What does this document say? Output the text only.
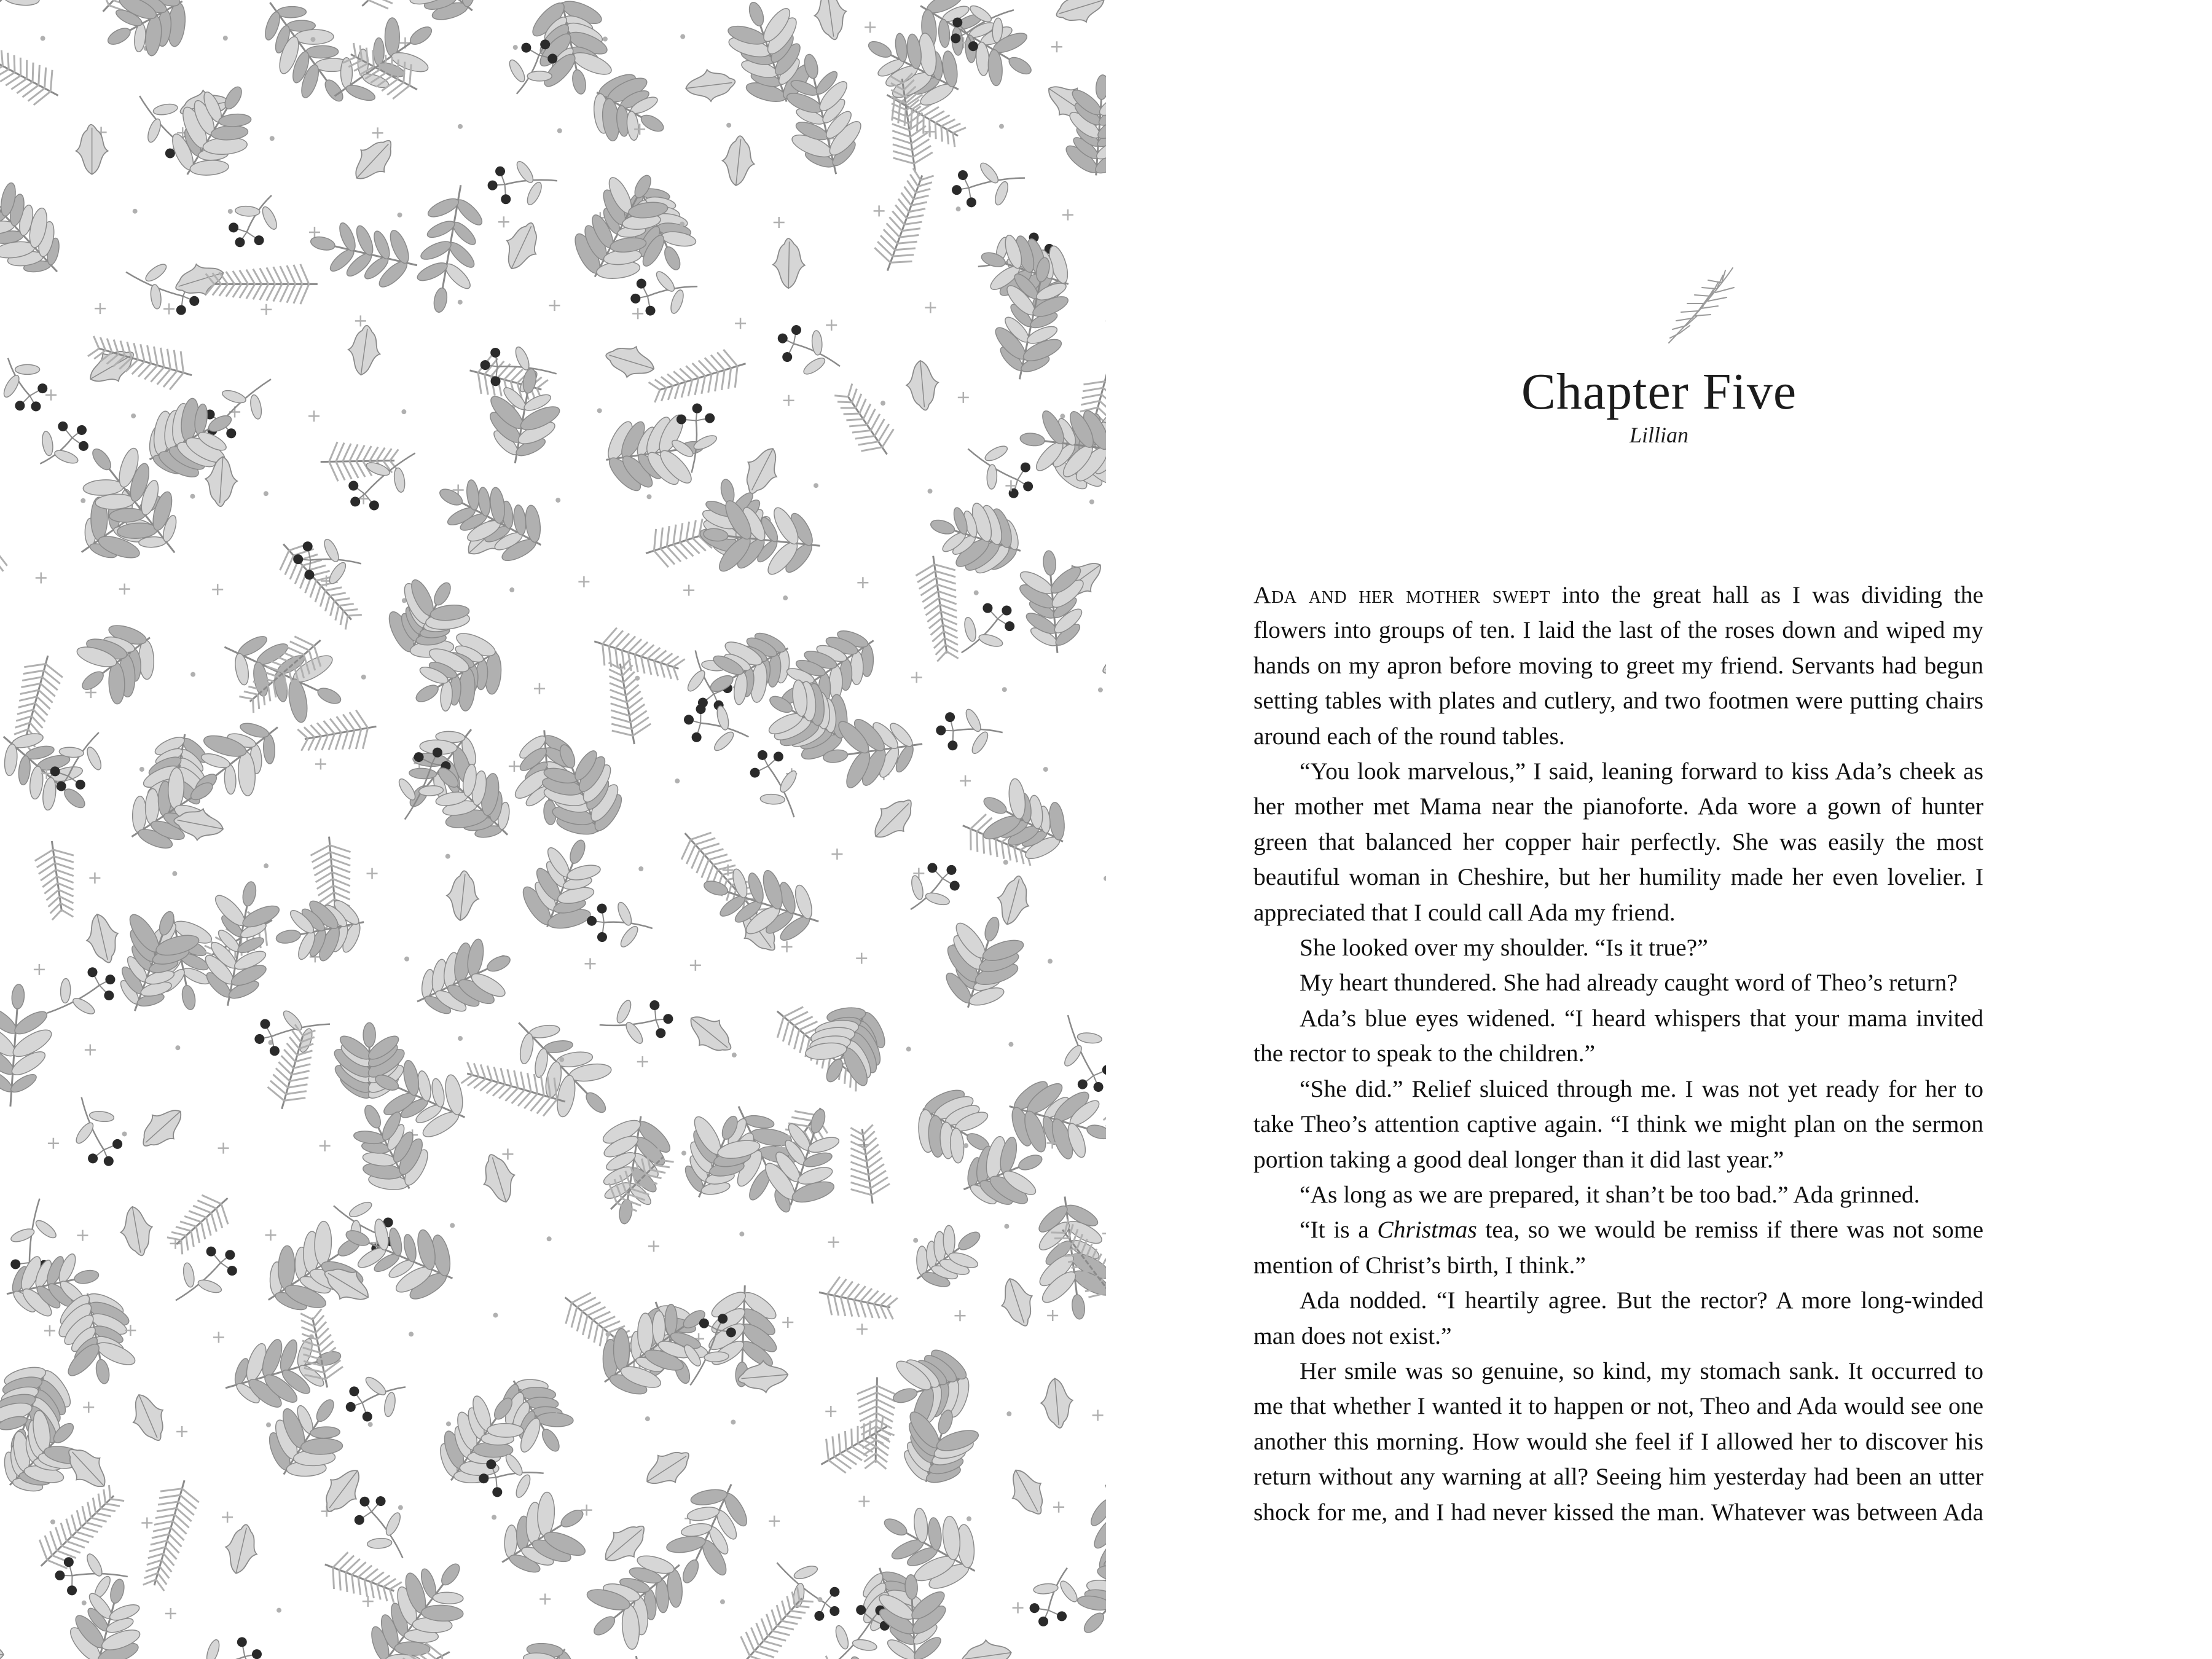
Chapter Five
Lillian

Ada and her mother swept into the great hall as I was dividing the flowers into groups of ten. I laid the last of the roses down and wiped my hands on my apron before moving to greet my friend. Servants had begun setting tables with plates and cutlery, and two footmen were putting chairs around each of the round tables.

“You look marvelous,” I said, leaning forward to kiss Ada’s cheek as her mother met Mama near the pianoforte. Ada wore a gown of hunter green that balanced her copper hair perfectly. She was easily the most beautiful woman in Cheshire, but her humility made her even lovelier. I appreciated that I could call Ada my friend.

She looked over my shoulder. “Is it true?”

My heart thundered. She had already caught word of Theo’s return?

Ada’s blue eyes widened. “I heard whispers that your mama invited the rector to speak to the children.”

“She did.” Relief sluiced through me. I was not yet ready for her to take Theo’s attention captive again. “I think we might plan on the sermon portion taking a good deal longer than it did last year.”

“As long as we are prepared, it shan’t be too bad.” Ada grinned.

“It is a Christmas tea, so we would be remiss if there was not some mention of Christ’s birth, I think.”

Ada nodded. “I heartily agree. But the rector? A more long-winded man does not exist.”

Her smile was so genuine, so kind, my stomach sank. It occurred to me that whether I wanted it to happen or not, Theo and Ada would see one another this morning. How would she feel if I allowed her to discover his return without any warning at all? Seeing him yesterday had been an utter shock for me, and I had never kissed the man. Whatever was between Ada
